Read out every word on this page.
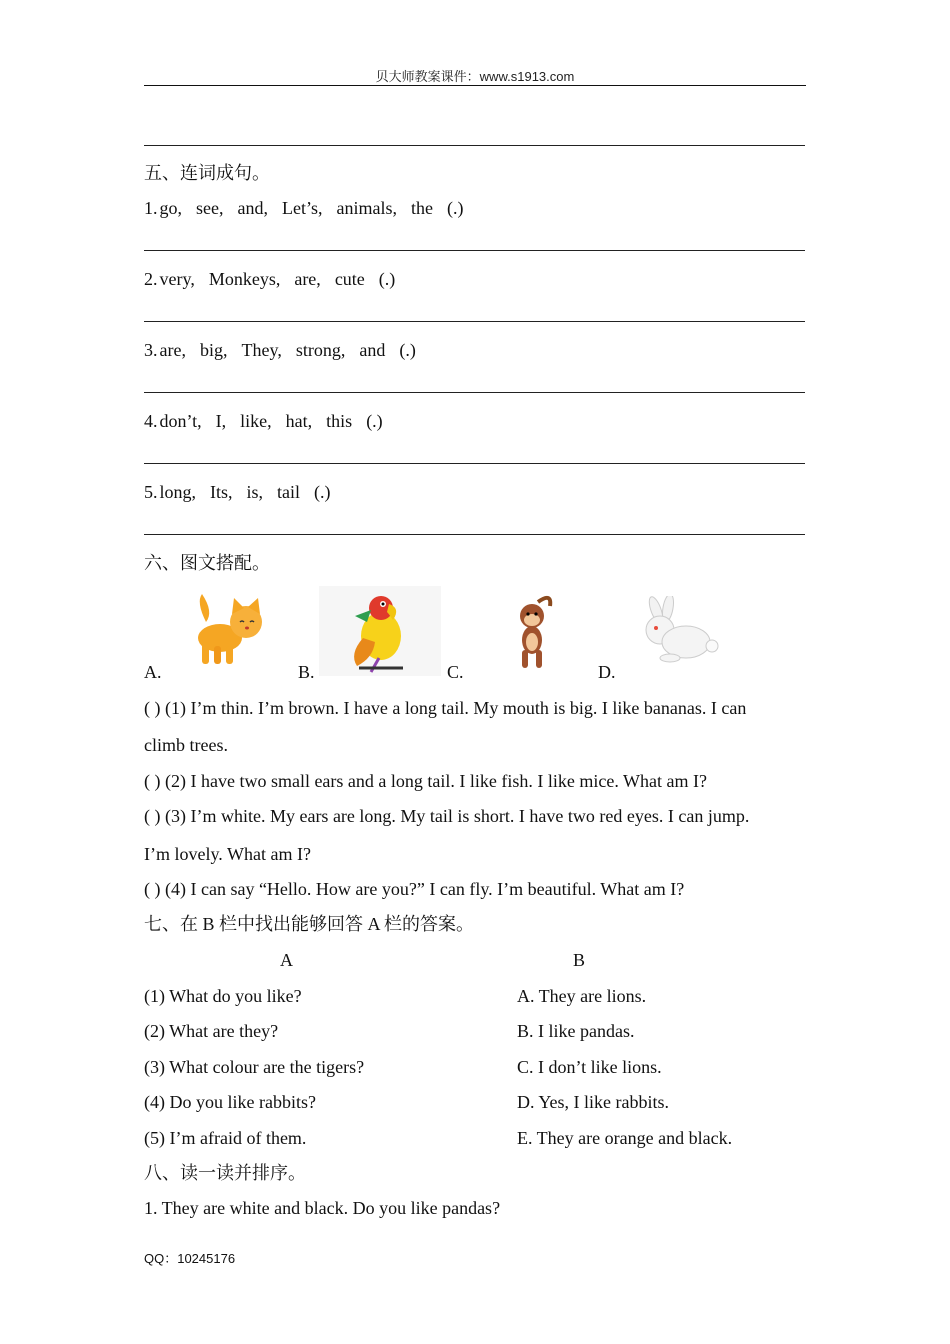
贝大师教案课件：www.s1913.com
五、连词成句。
1. go, see, and, Let’s, animals, the (.)
2. very, Monkeys, are, cute (.)
3. are, big, They, strong, and (.)
4. don’t, I, like, hat, this (.)
5. long, Its, is, tail (.)
六、图文搭配。
A.	B.	C.	D.
( ) (1) I’m thin. I’m brown. I have a long tail. My mouth is big. I like bananas. I can
climb trees.
( ) (2) I have two small ears and a long tail. I like fish. I like mice. What am I?
( ) (3) I’m white. My ears are long. My tail is short. I have two red eyes. I can jump.
I’m lovely. What am I?
( ) (4) I can say “Hello. How are you?” I can fly. I’m beautiful. What am I?
七、在 B 栏中找出能够回答 A 栏的答案。
A	B
(1) What do you like?	A. They are lions.
(2) What are they?	B. I like pandas.
(3) What colour are the tigers?	C. I don’t like lions.
(4) Do you like rabbits?	D. Yes, I like rabbits.
(5) I’m afraid of them.	E. They are orange and black.
八、读一读并排序。
1. They are white and black. Do you like pandas?
QQ：10245176
